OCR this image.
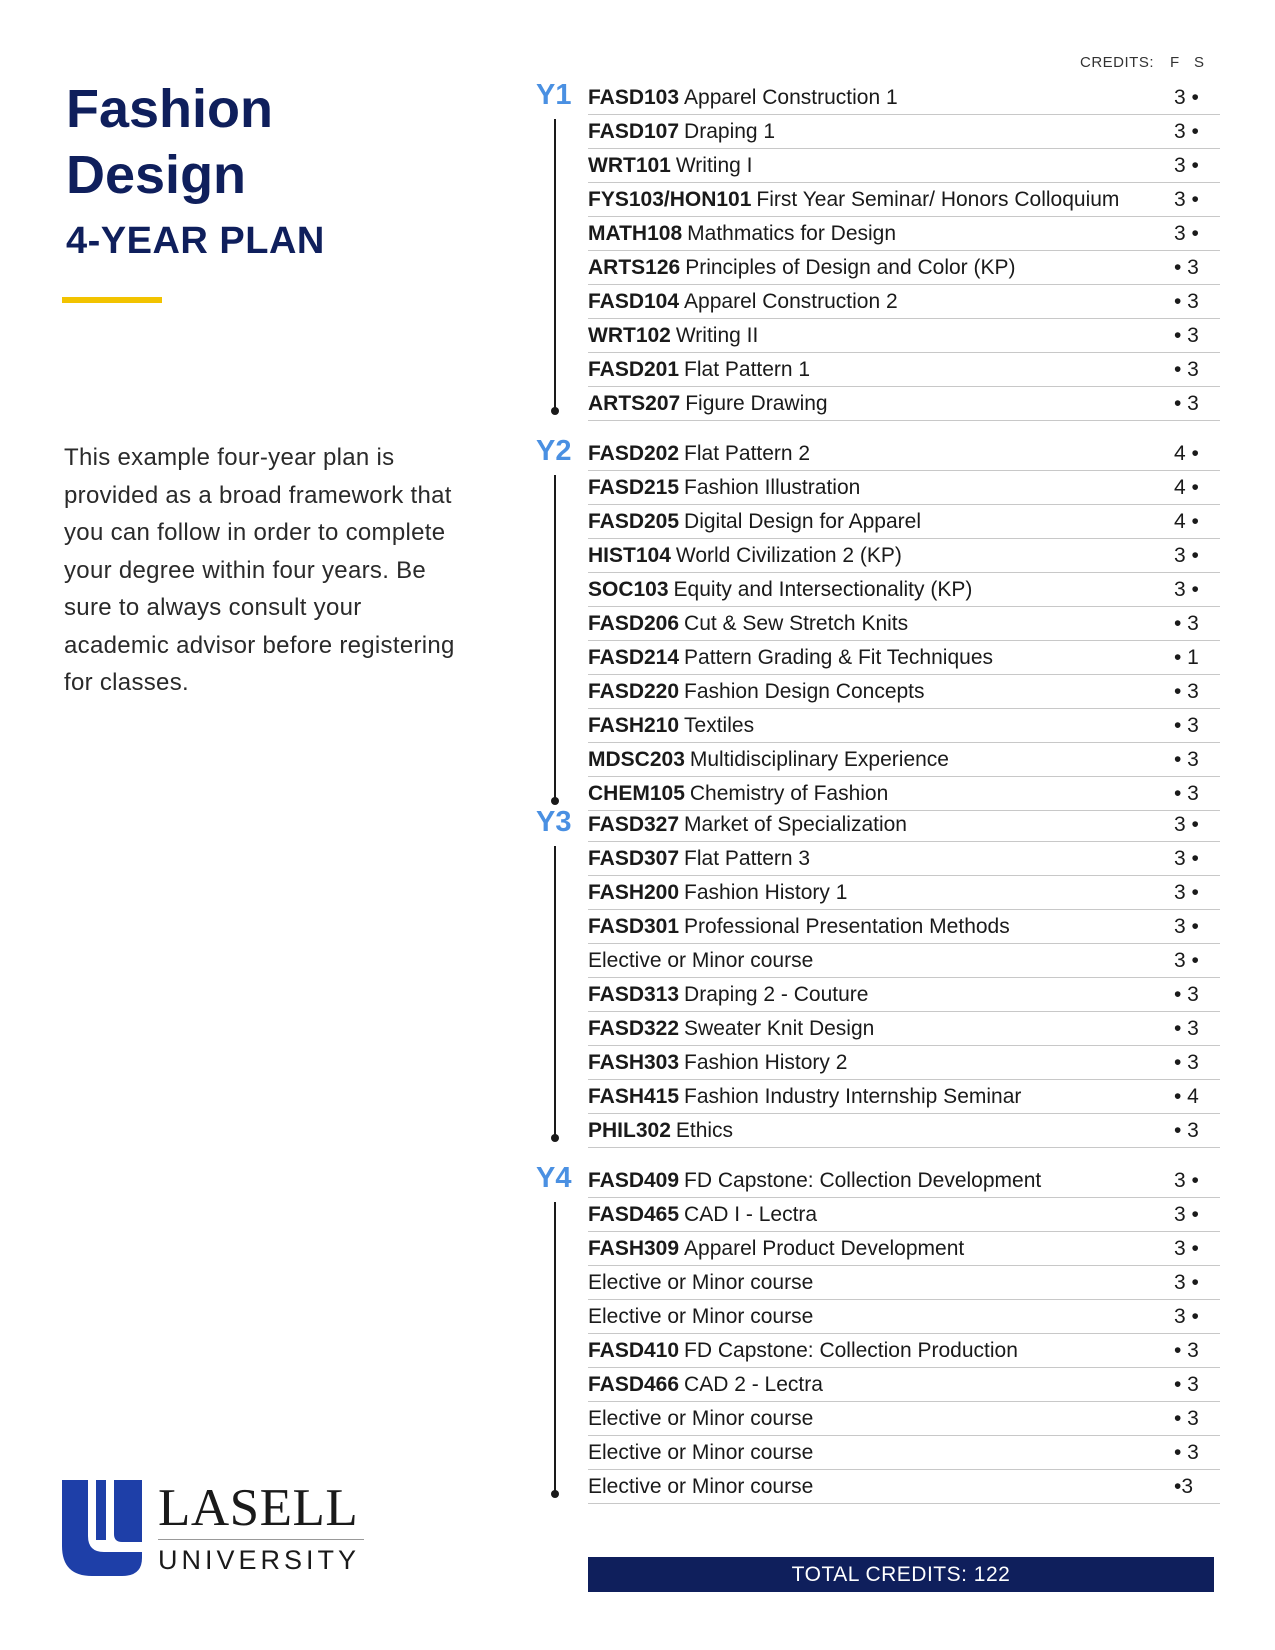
Fashion Design
4-YEAR PLAN

This example four-year plan is provided as a broad framework that you can follow in order to complete your degree within four years. Be sure to always consult your academic advisor before registering for classes.

LASELL

UNIVERSITY

CREDITS: F S
Y1 FASD103 Apparel Construction 1	3 •
FASD107 Draping 1	3 •
WRT101 Writing I	3 •
FYS103/HON101 First Year Seminar/ Honors Colloquium	3 •
MATH108 Mathmatics for Design	3 •
ARTS126 Principles of Design and Color (KP)	• 3
FASD104 Apparel Construction 2	• 3
WRT102 Writing II	• 3
FASD201 Flat Pattern 1	• 3
ARTS207 Figure Drawing	• 3
Y2 FASD202 Flat Pattern 2	4 •
FASD215 Fashion Illustration	4 •
FASD205 Digital Design for Apparel	4 •
HIST104 World Civilization 2 (KP)	3 •
SOC103 Equity and Intersectionality (KP)	3 •
FASD206 Cut & Sew Stretch Knits	• 3
FASD214 Pattern Grading & Fit Techniques	• 1
FASD220 Fashion Design Concepts	• 3
FASH210 Textiles	• 3
MDSC203 Multidisciplinary Experience	• 3
CHEM105 Chemistry of Fashion	• 3
Y3 FASD327 Market of Specialization	3 •
FASD307 Flat Pattern 3	3 •
FASH200 Fashion History 1	3 •
FASD301 Professional Presentation Methods	3 •
Elective or Minor course	3 •
FASD313 Draping 2 - Couture	• 3
FASD322 Sweater Knit Design	• 3
FASH303 Fashion History 2	• 3
FASH415 Fashion Industry Internship Seminar	• 4
PHIL302 Ethics	• 3
Y4 FASD409 FD Capstone: Collection Development	3 •
FASD465 CAD I - Lectra	3 •
FASH309 Apparel Product Development	3 •
Elective or Minor course	3 •
Elective or Minor course	3 •
FASD410 FD Capstone: Collection Production	• 3
FASD466 CAD 2 - Lectra	• 3
Elective or Minor course	• 3
Elective or Minor course	• 3
Elective or Minor course	•3
TOTAL CREDITS: 122
